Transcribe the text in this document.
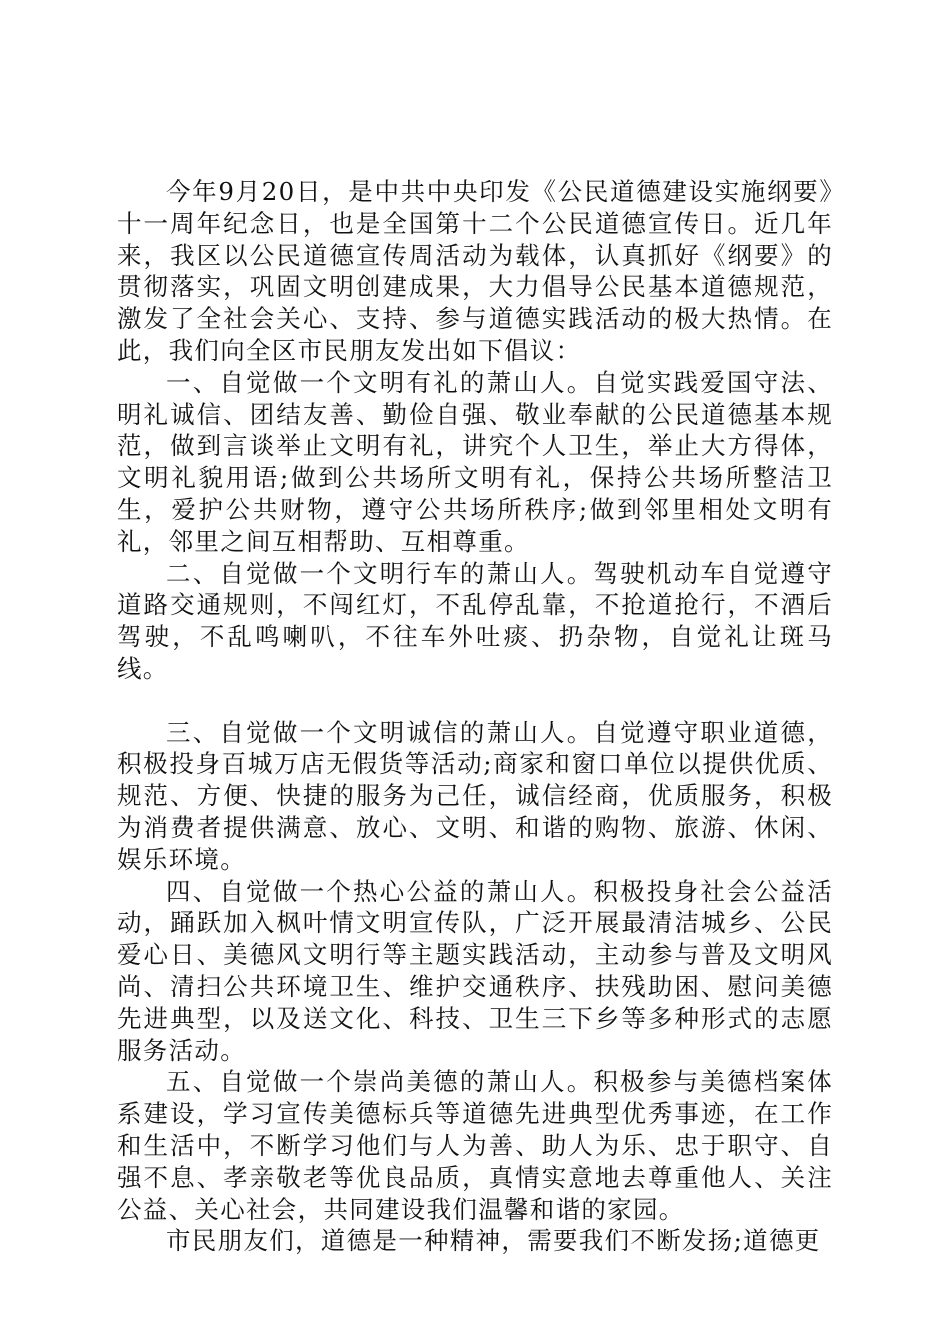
今年9月20日，是中共中央印发《公民道德建设实施纲要》十一周年纪念日，也是全国第十二个公民道德宣传日。近几年来，我区以公民道德宣传周活动为载体，认真抓好《纲要》的贯彻落实，巩固文明创建成果，大力倡导公民基本道德规范，激发了全社会关心、支持、参与道德实践活动的极大热情。在此，我们向全区市民朋友发出如下倡议：

一、自觉做一个文明有礼的萧山人。自觉实践爱国守法、明礼诚信、团结友善、勤俭自强、敬业奉献的公民道德基本规范，做到言谈举止文明有礼，讲究个人卫生，举止大方得体，文明礼貌用语;做到公共场所文明有礼，保持公共场所整洁卫生，爱护公共财物，遵守公共场所秩序;做到邻里相处文明有礼，邻里之间互相帮助、互相尊重。

二、自觉做一个文明行车的萧山人。驾驶机动车自觉遵守道路交通规则，不闯红灯，不乱停乱靠，不抢道抢行，不酒后驾驶，不乱鸣喇叭，不往车外吐痰、扔杂物，自觉礼让斑马线。

三、自觉做一个文明诚信的萧山人。自觉遵守职业道德，积极投身百城万店无假货等活动;商家和窗口单位以提供优质、规范、方便、快捷的服务为己任，诚信经商，优质服务，积极为消费者提供满意、放心、文明、和谐的购物、旅游、休闲、娱乐环境。

四、自觉做一个热心公益的萧山人。积极投身社会公益活动，踊跃加入枫叶情文明宣传队，广泛开展最清洁城乡、公民爱心日、美德风文明行等主题实践活动，主动参与普及文明风尚、清扫公共环境卫生、维护交通秩序、扶残助困、慰问美德先进典型，以及送文化、科技、卫生三下乡等多种形式的志愿服务活动。

五、自觉做一个崇尚美德的萧山人。积极参与美德档案体系建设，学习宣传美德标兵等道德先进典型优秀事迹，在工作和生活中，不断学习他们与人为善、助人为乐、忠于职守、自强不息、孝亲敬老等优良品质，真情实意地去尊重他人、关注公益、关心社会，共同建设我们温馨和谐的家园。

市民朋友们，道德是一种精神，需要我们不断发扬;道德更
